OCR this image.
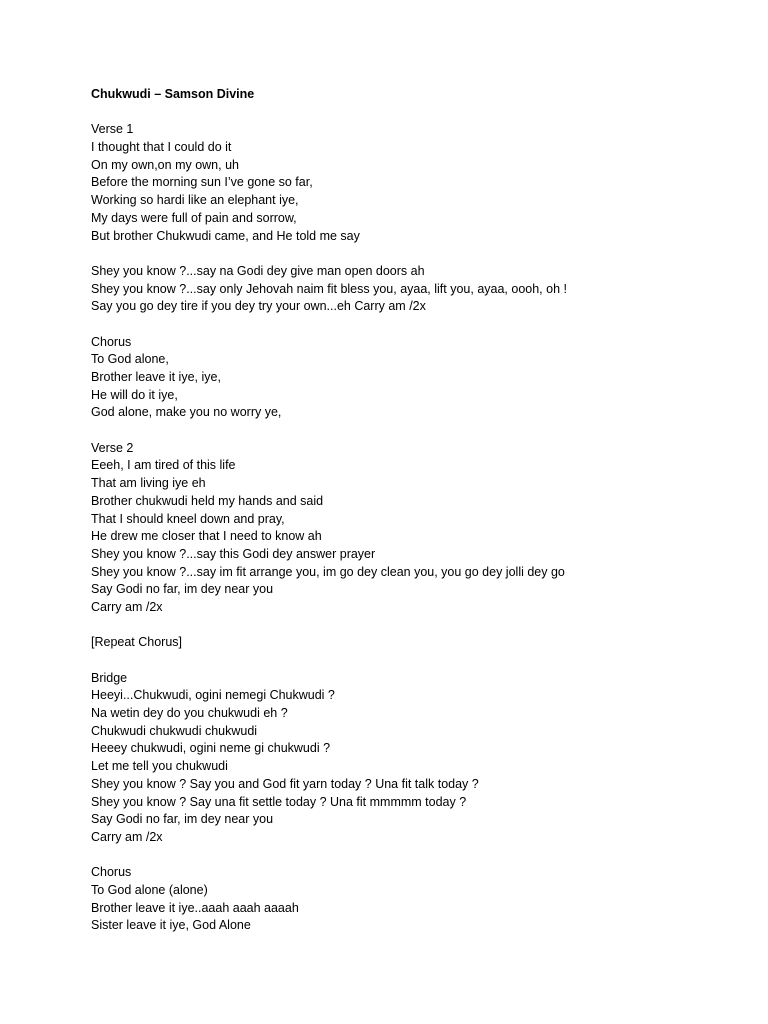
Chukwudi – Samson Divine
Verse 1
I thought that I could do it
On my own,on my own, uh
Before the morning sun I’ve gone so far,
Working so hardi like an elephant iye,
My days were full of pain and sorrow,
But brother Chukwudi came, and He told me say
Shey you know ?...say na Godi dey give man open doors ah
Shey you know ?...say only Jehovah naim fit bless you, ayaa, lift you, ayaa, oooh, oh !
Say you go dey tire if you dey try your own...eh Carry am /2x
Chorus
To God alone,
Brother leave it iye, iye,
He will do it iye,
God alone, make you no worry ye,
Verse 2
Eeeh, I am tired of this life
That am living iye eh
Brother chukwudi held my hands and said
That I should kneel down and pray,
He drew me closer that I need to know ah
Shey you know ?...say this Godi dey answer prayer
Shey you know ?...say im fit arrange you, im go dey clean you, you go dey jolli dey go
Say Godi no far, im dey near you
Carry am /2x
[Repeat Chorus]
Bridge
Heeyi...Chukwudi, ogini nemegi Chukwudi ?
Na wetin dey do you chukwudi eh ?
Chukwudi chukwudi chukwudi
Heeey chukwudi, ogini neme gi chukwudi ?
Let me tell you chukwudi
Shey you know ? Say you and God fit yarn today ? Una fit talk today ?
Shey you know ? Say una fit settle today ? Una fit mmmmm today ?
Say Godi no far, im dey near you
Carry am /2x
Chorus
To God alone (alone)
Brother leave it iye..aaah aaah aaaah
Sister leave it iye, God Alone
